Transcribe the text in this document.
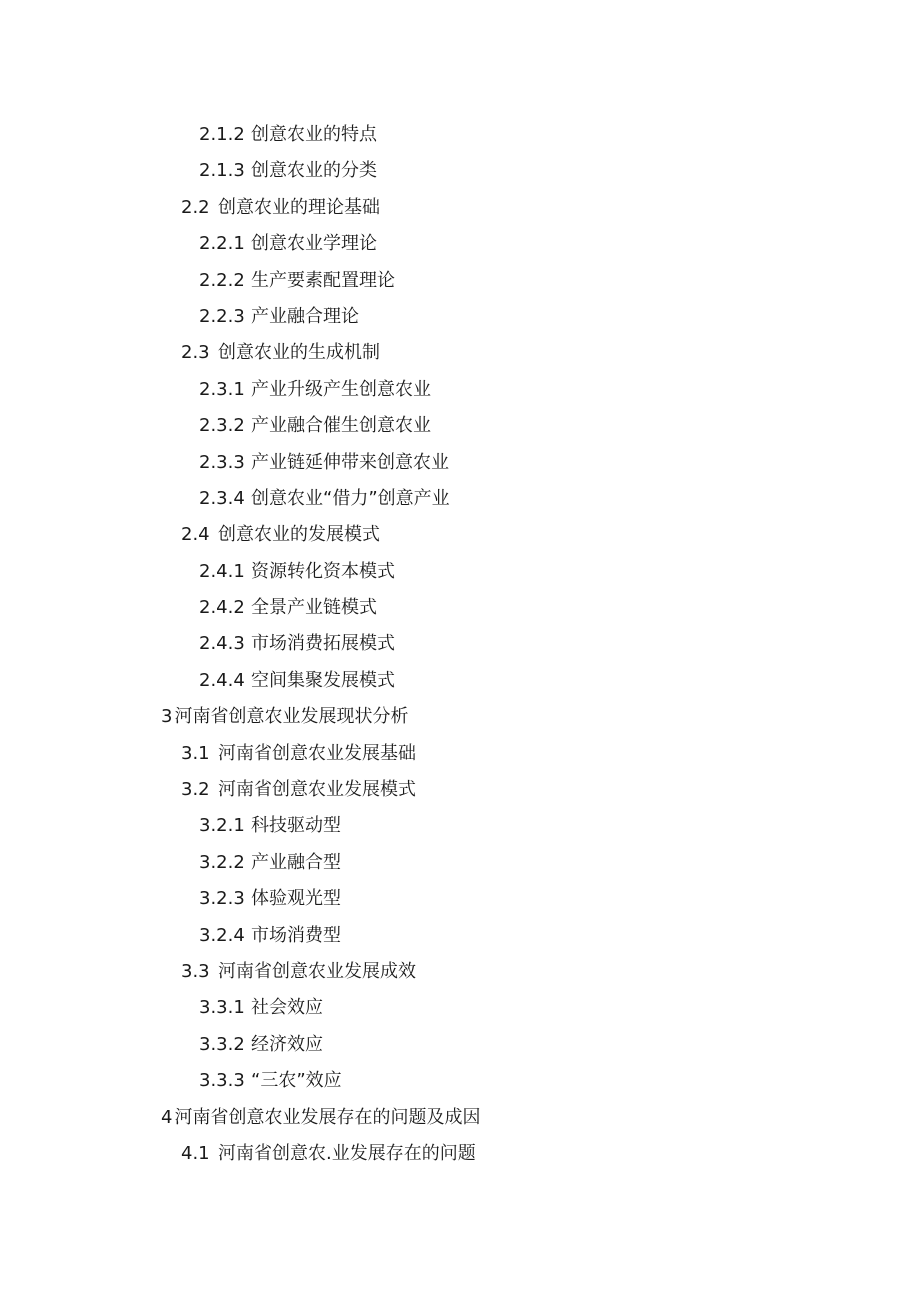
2.1.2 创意农业的特点
2.1.3 创意农业的分类
2.2 创意农业的理论基础
2.2.1 创意农业学理论
2.2.2 生产要素配置理论
2.2.3 产业融合理论
2.3 创意农业的生成机制
2.3.1 产业升级产生创意农业
2.3.2 产业融合催生创意农业
2.3.3 产业链延伸带来创意农业
2.3.4 创意农业“借力”创意产业
2.4 创意农业的发展模式
2.4.1 资源转化资本模式
2.4.2 全景产业链模式
2.4.3 市场消费拓展模式
2.4.4 空间集聚发展模式
3 河南省创意农业发展现状分析
3.1 河南省创意农业发展基础
3.2 河南省创意农业发展模式
3.2.1 科技驱动型
3.2.2 产业融合型
3.2.3 体验观光型
3.2.4 市场消费型
3.3 河南省创意农业发展成效
3.3.1 社会效应
3.3.2 经济效应
3.3.3 “三农”效应
4 河南省创意农业发展存在的问题及成因
4.1 河南省创意农.业发展存在的问题
